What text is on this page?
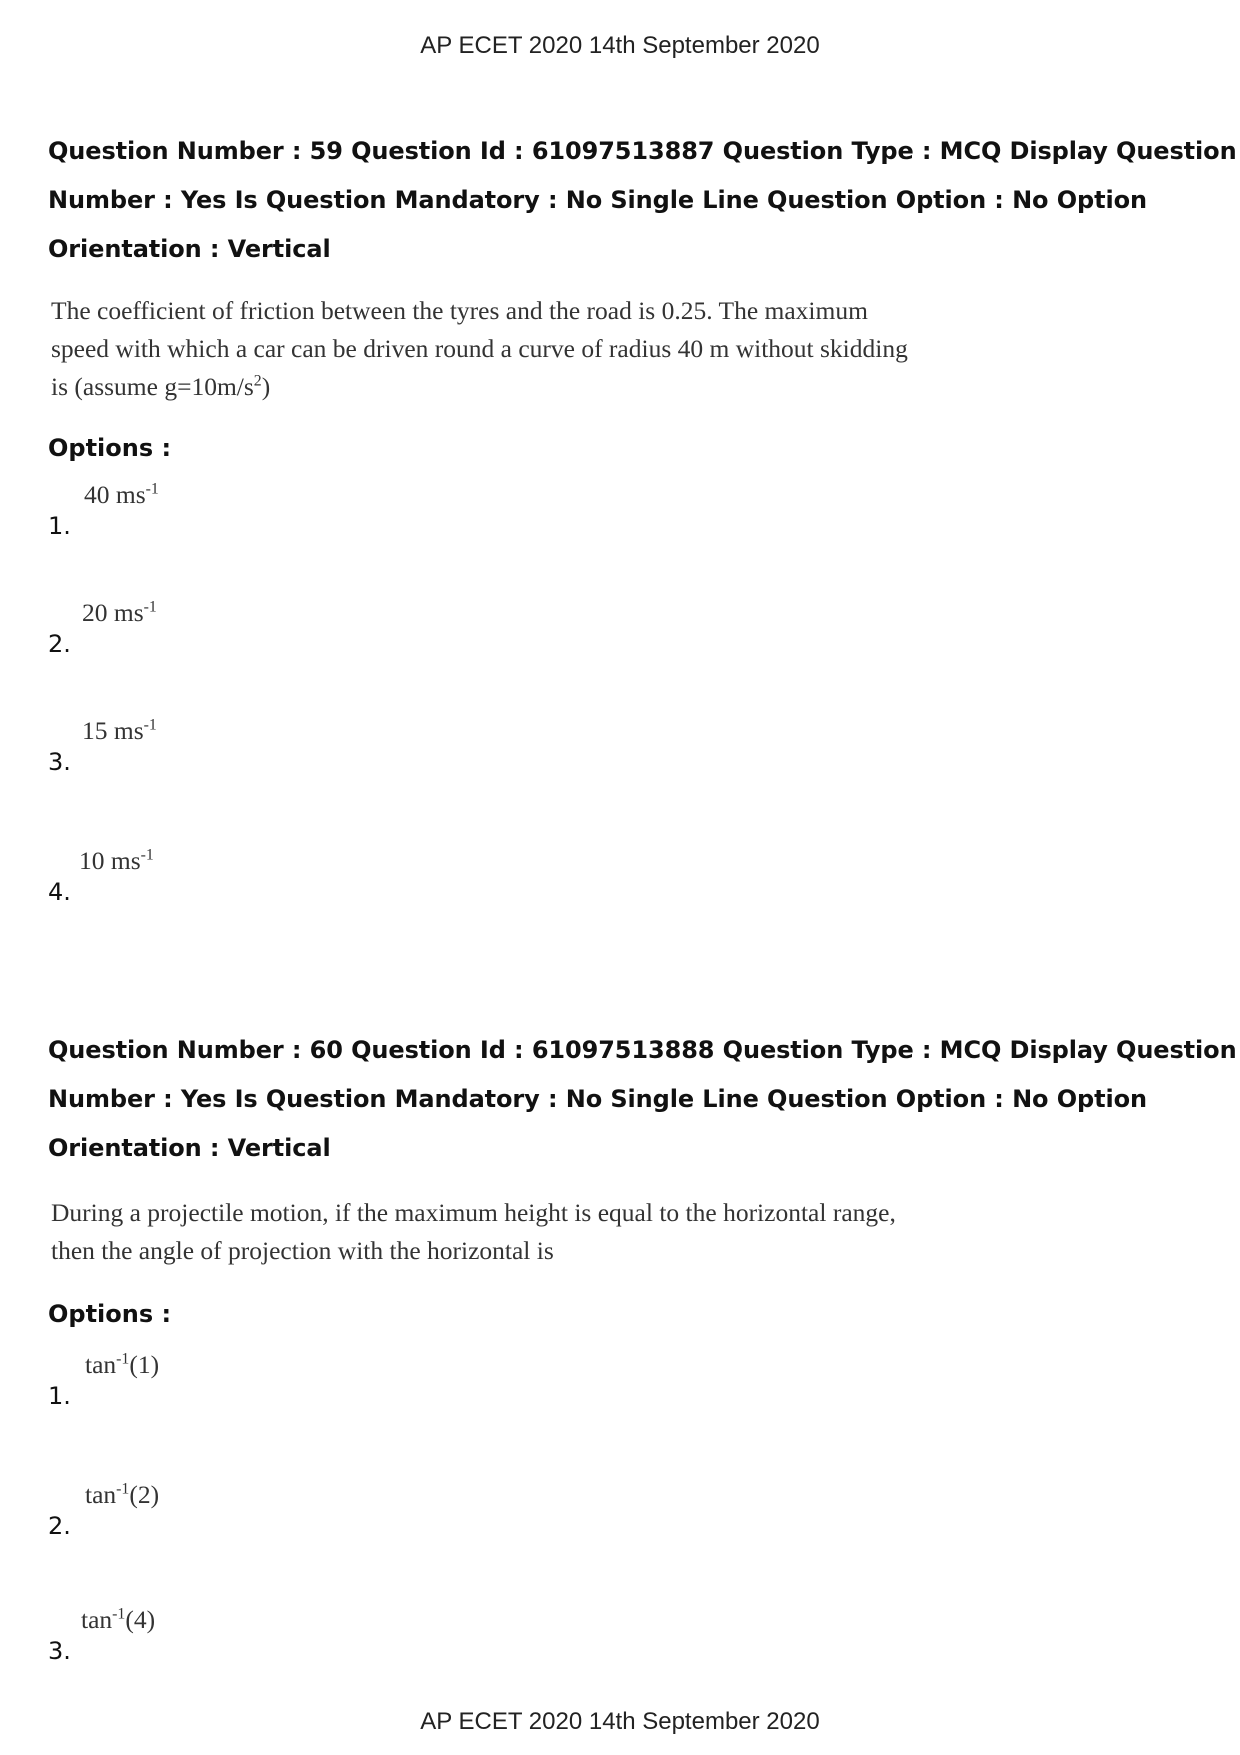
AP ECET 2020 14th September 2020
Question Number : 59 Question Id : 61097513887 Question Type : MCQ Display Question
Number : Yes Is Question Mandatory : No Single Line Question Option : No Option
Orientation : Vertical
The coefficient of friction between the tyres and the road is 0.25. The maximum
speed with which a car can be driven round a curve of radius 40 m without skidding
is (assume $g=10m/s^2$)
Options :
1.
40 $ms^{-1}$
2.
20 $ms^{-1}$
3.
15 $ms^{-1}$
4.
10 $ms^{-1}$
Question Number : 60 Question Id : 61097513888 Question Type : MCQ Display Question
Number : Yes Is Question Mandatory : No Single Line Question Option : No Option
Orientation : Vertical
During a projectile motion, if the maximum height is equal to the horizontal range,
then the angle of projection with the horizontal is
Options :
1.
$\tan^{-1}(1)$
2.
$\tan^{-1}(2)$
3.
$\tan^{-1}(4)$
AP ECET 2020 14th September 2020
